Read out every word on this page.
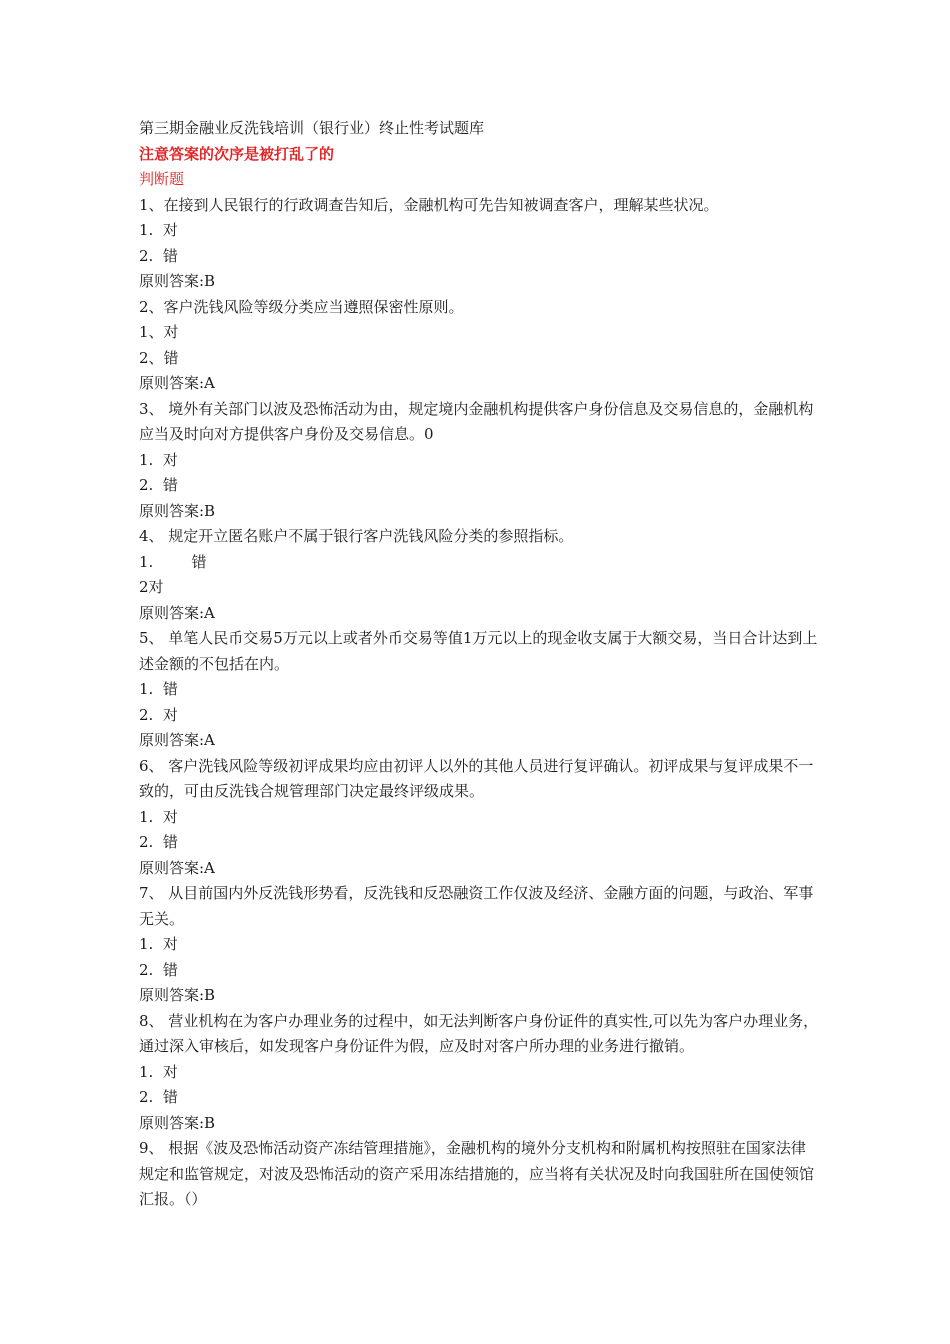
第三期金融业反洗钱培训（银行业）终止性考试题库
注意答案的次序是被打乱了的
判断题
1、在接到人民银行的行政调查告知后，金融机构可先告知被调查客户，理解某些状况。
1.  对
2.  错
原则答案:B
2、客户洗钱风险等级分类应当遵照保密性原则。
1、对
2、错
原则答案:A
3、 境外有关部门以波及恐怖活动为由，规定境内金融机构提供客户身份信息及交易信息的，金融机构应当及时向对方提供客户身份及交易信息。0
1.  对
2.  错
原则答案:B
4、 规定开立匿名账户不属于银行客户洗钱风险分类的参照指标。
1.        错
2对
原则答案:A
5、 单笔人民币交易5万元以上或者外币交易等值1万元以上的现金收支属于大额交易，当日合计达到上述金额的不包括在内。
1.  错
2.  对
原则答案:A
6、 客户洗钱风险等级初评成果均应由初评人以外的其他人员进行复评确认。初评成果与复评成果不一致的，可由反洗钱合规管理部门决定最终评级成果。
1.  对
2.  错
原则答案:A
7、 从目前国内外反洗钱形势看，反洗钱和反恐融资工作仅波及经济、金融方面的问题，与政治、军事无关。
1.  对
2.  错
原则答案:B
8、 营业机构在为客户办理业务的过程中，如无法判断客户身份证件的真实性,可以先为客户办理业务，通过深入审核后，如发现客户身份证件为假，应及时对客户所办理的业务进行撤销。
1.  对
2.  错
原则答案:B
9、 根据《波及恐怖活动资产冻结管理措施》，金融机构的境外分支机构和附属机构按照驻在国家法律规定和监管规定，对波及恐怖活动的资产采用冻结措施的，应当将有关状况及时向我国驻所在国使领馆汇报。（）
